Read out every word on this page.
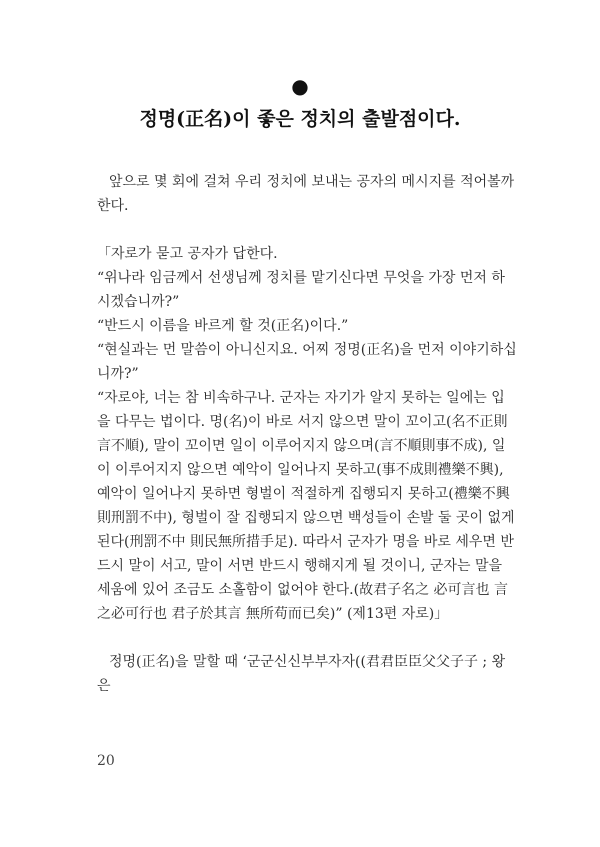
●
정명(正名)이 좋은 정치의 출발점이다.

앞으로 몇 회에 걸쳐 우리 정치에 보내는 공자의 메시지를 적어볼까 한다.

「자로가 묻고 공자가 답한다.

“위나라 임금께서 선생님께 정치를 맡기신다면 무엇을 가장 먼저 하시겠습니까?”

“반드시 이름을 바르게 할 것(正名)이다.”

“현실과는 먼 말씀이 아니신지요. 어찌 정명(正名)을 먼저 이야기하십니까?”

“자로야, 너는 참 비속하구나. 군자는 자기가 알지 못하는 일에는 입을 다무는 법이다. 명(名)이 바로 서지 않으면 말이 꼬이고(名不正則言不順), 말이 꼬이면 일이 이루어지지 않으며(言不順則事不成), 일이 이루어지지 않으면 예악이 일어나지 못하고(事不成則禮樂不興), 예악이 일어나지 못하면 형벌이 적절하게 집행되지 못하고(禮樂不興 則刑罰不中), 형벌이 잘 집행되지 않으면 백성들이 손발 둘 곳이 없게 된다(刑罰不中 則民無所措手足). 따라서 군자가 명을 바로 세우면 반드시 말이 서고, 말이 서면 반드시 행해지게 될 것이니, 군자는 말을 세움에 있어 조금도 소홀함이 없어야 한다.(故君子名之 必可言也 言之必可行也 君子於其言 無所苟而已矣)” (제13편 자로)」

정명(正名)을 말할 때 ‘군군신신부부자자((君君臣臣父父子子 ; 왕은

20
